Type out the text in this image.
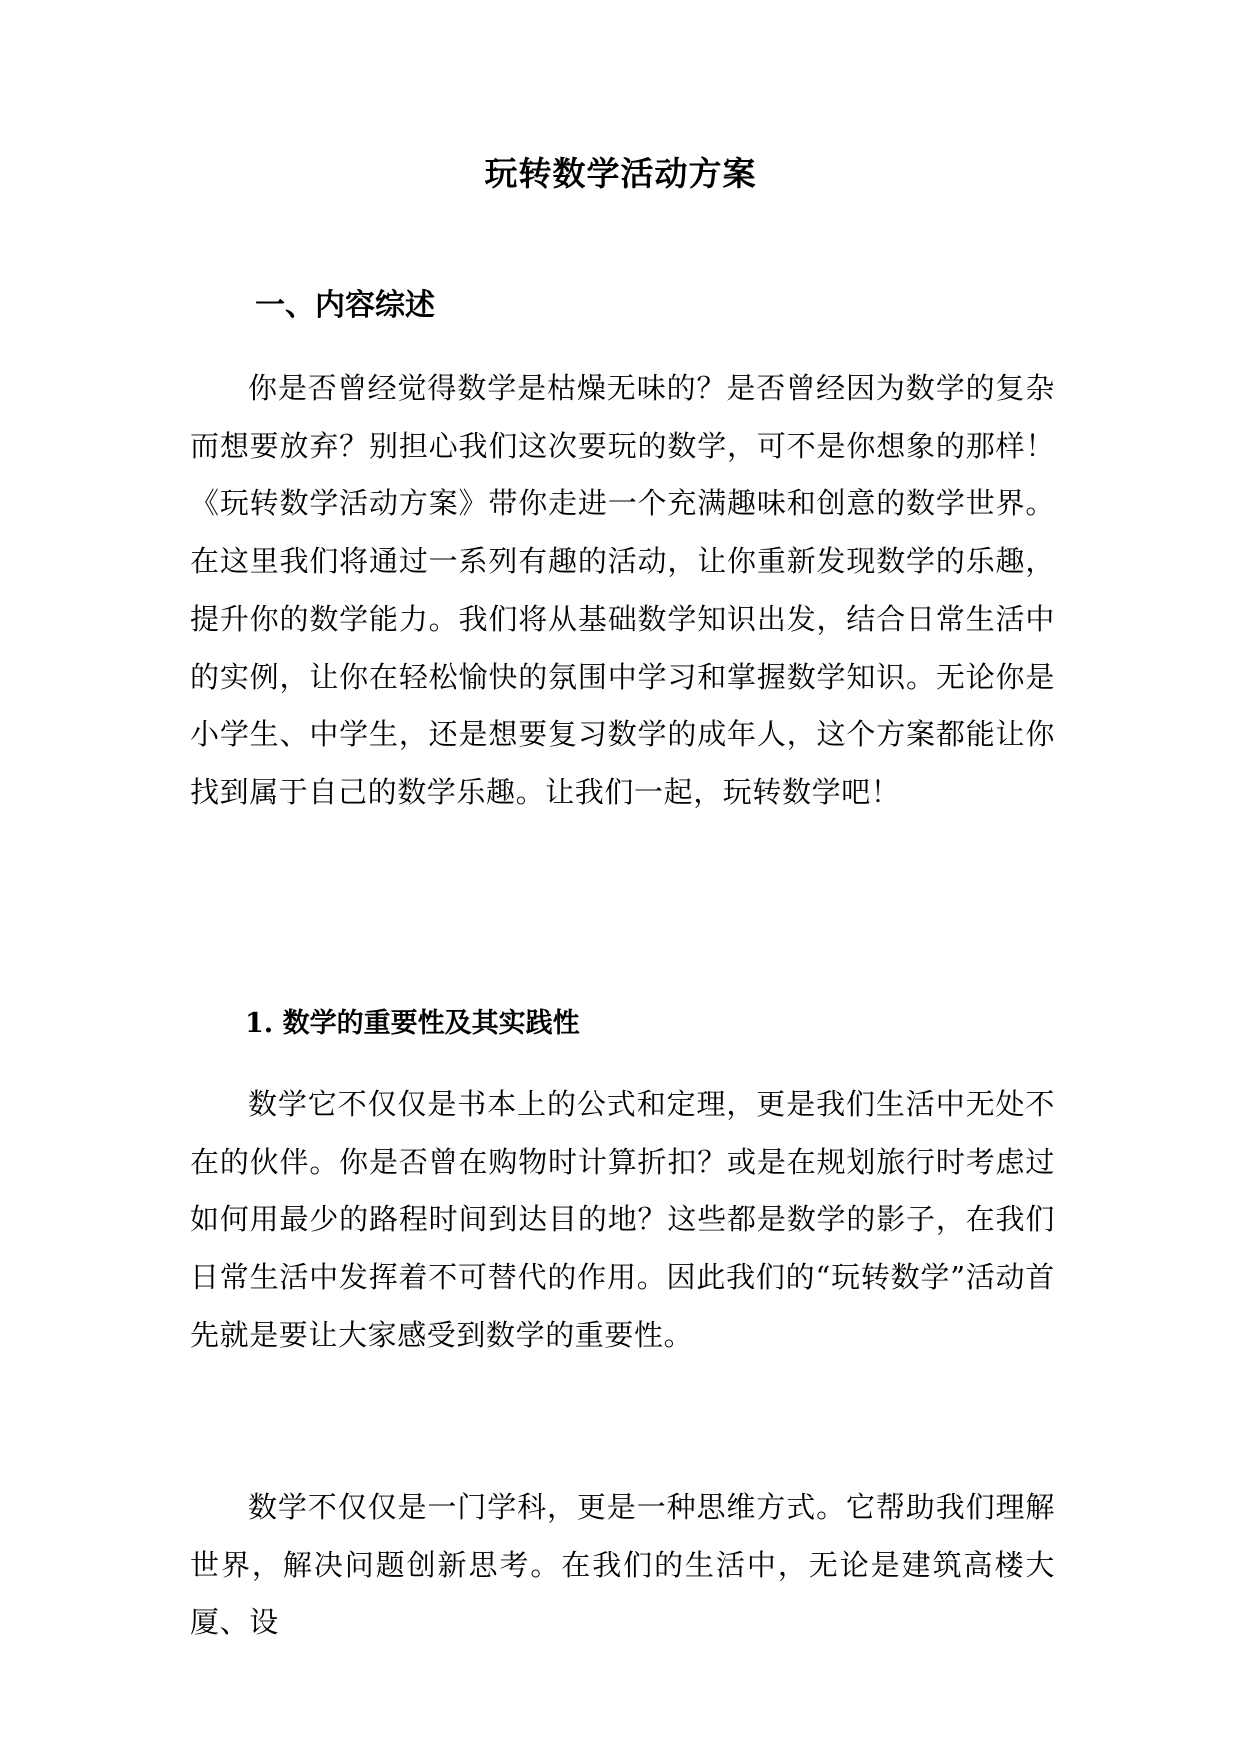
玩转数学活动方案
一、内容综述

你是否曾经觉得数学是枯燥无味的？是否曾经因为数学的复杂而想要放弃？别担心我们这次要玩的数学，可不是你想象的那样！《玩转数学活动方案》带你走进一个充满趣味和创意的数学世界。在这里我们将通过一系列有趣的活动，让你重新发现数学的乐趣，提升你的数学能力。我们将从基础数学知识出发，结合日常生活中的实例，让你在轻松愉快的氛围中学习和掌握数学知识。无论你是小学生、中学生，还是想要复习数学的成年人，这个方案都能让你找到属于自己的数学乐趣。让我们一起，玩转数学吧！

1. 数学的重要性及其实践性

数学它不仅仅是书本上的公式和定理，更是我们生活中无处不在的伙伴。你是否曾在购物时计算折扣？或是在规划旅行时考虑过如何用最少的路程时间到达目的地？这些都是数学的影子，在我们日常生活中发挥着不可替代的作用。因此我们的“玩转数学”活动首先就是要让大家感受到数学的重要性。

数学不仅仅是一门学科，更是一种思维方式。它帮助我们理解世界，解决问题创新思考。在我们的生活中，无论是建筑高楼大厦、设
